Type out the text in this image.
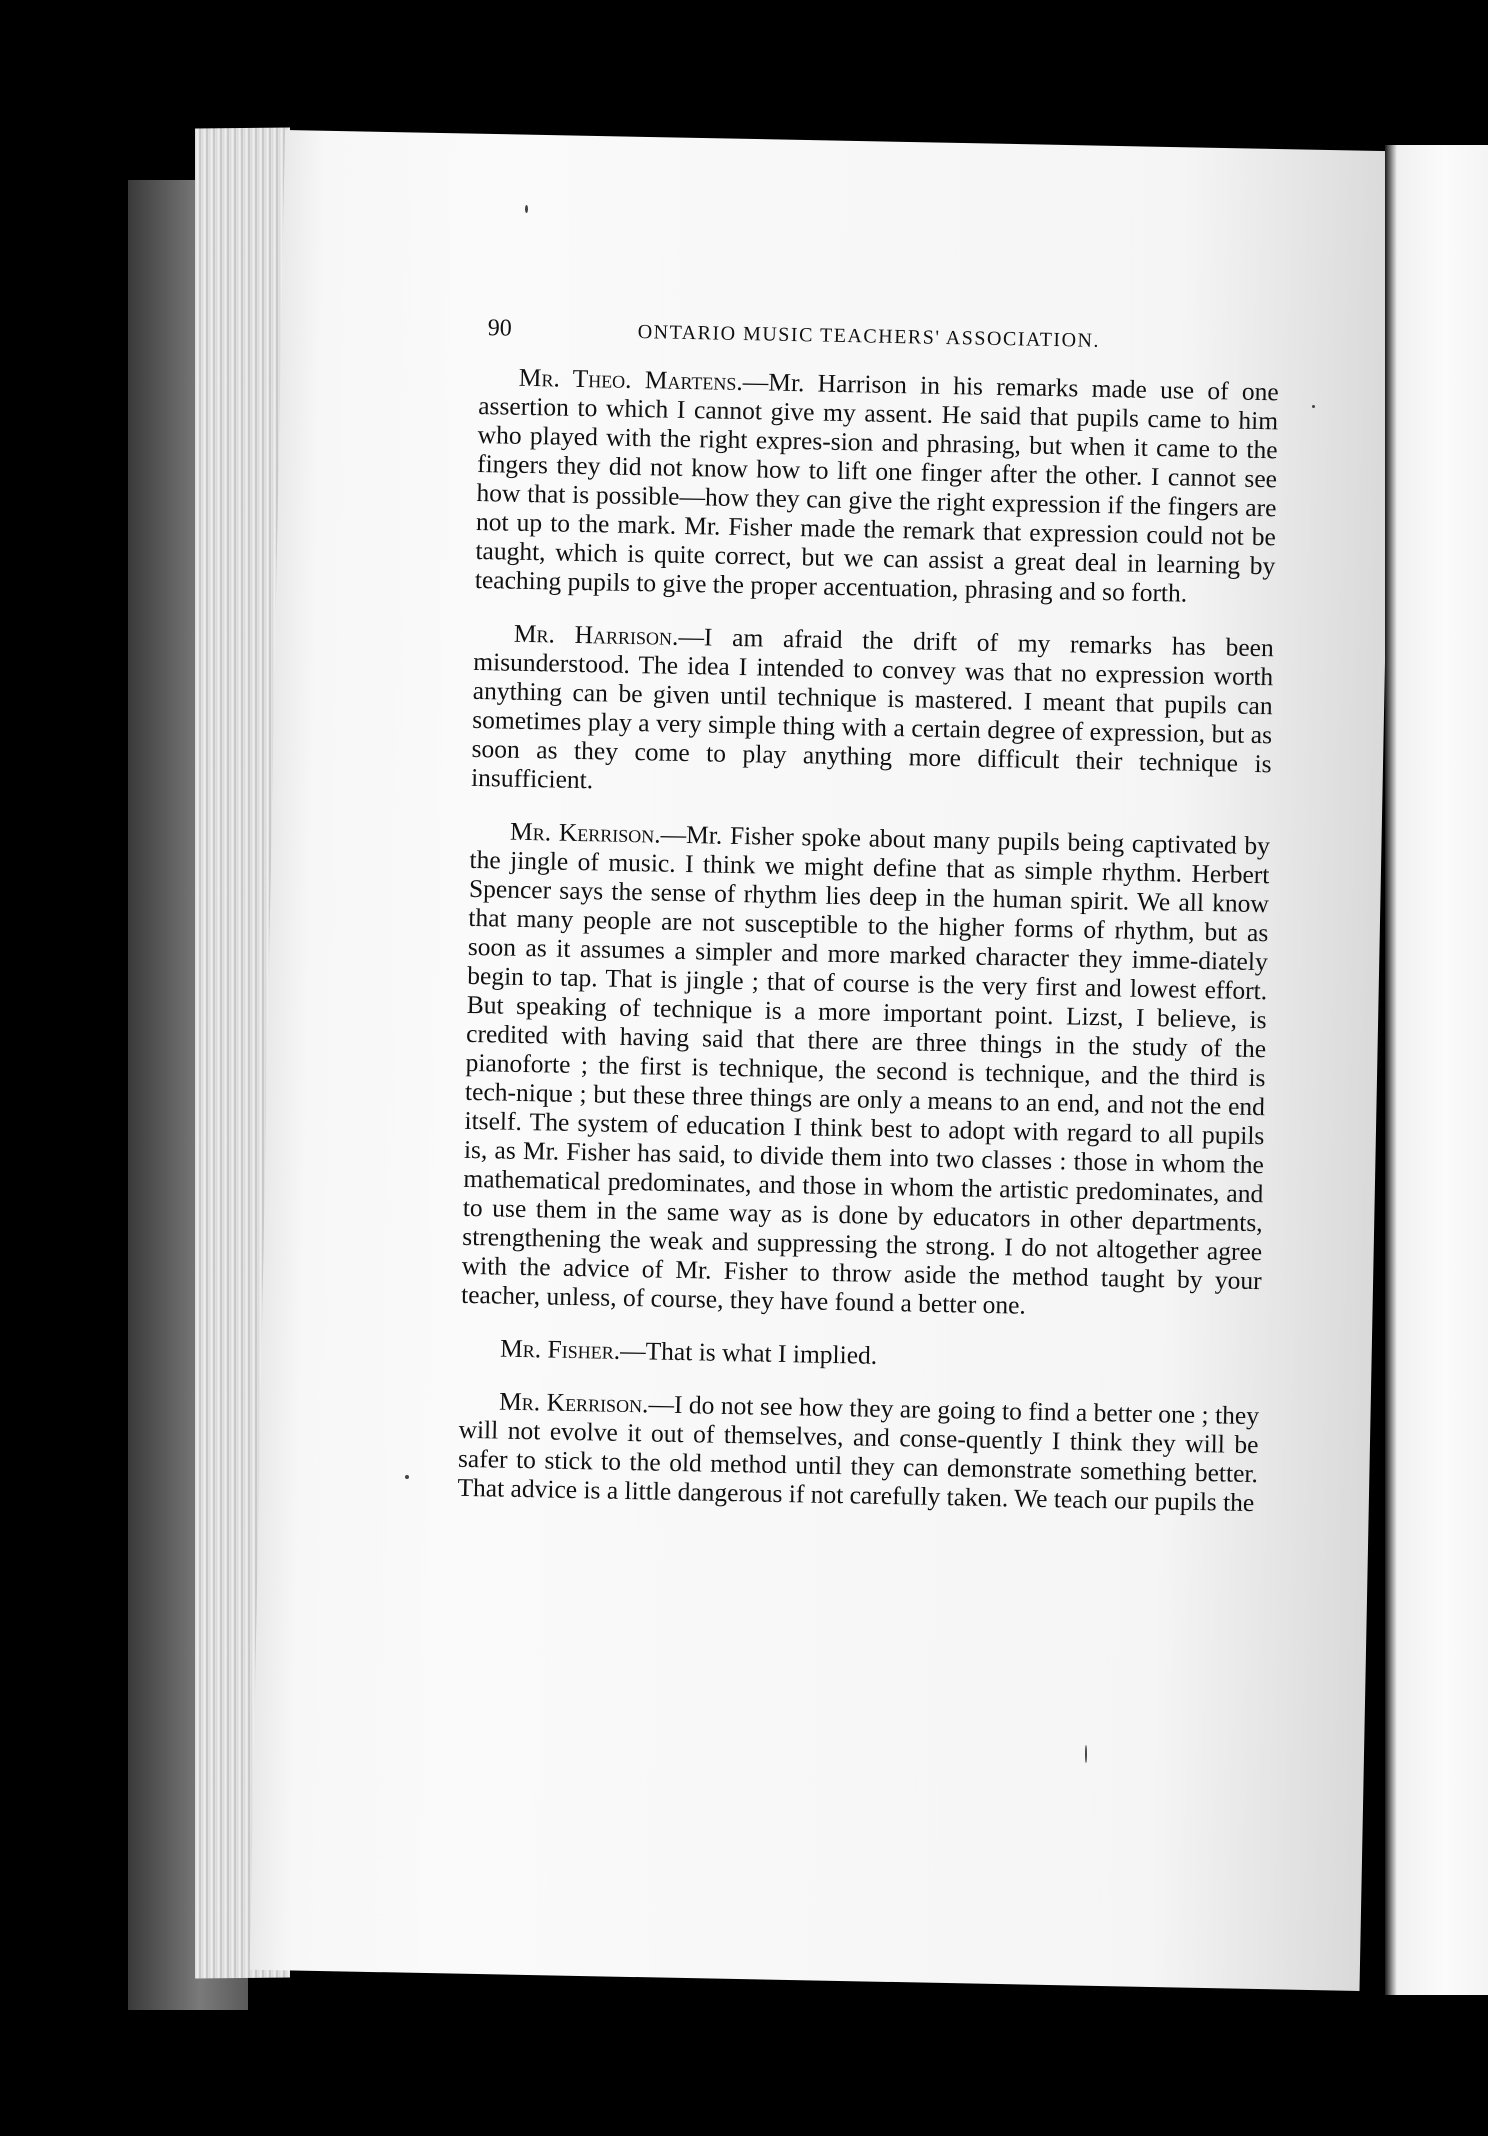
90	ONTARIO MUSIC TEACHERS' ASSOCIATION.

Mr. Theo. Martens.—Mr. Harrison in his remarks made use of one assertion to which I cannot give my assent. He said that pupils came to him who played with the right expres-sion and phrasing, but when it came to the fingers they did not know how to lift one finger after the other. I cannot see how that is possible—how they can give the right expression if the fingers are not up to the mark. Mr. Fisher made the remark that expression could not be taught, which is quite correct, but we can assist a great deal in learning by teaching pupils to give the proper accentuation, phrasing and so forth.

Mr. Harrison.—I am afraid the drift of my remarks has been misunderstood. The idea I intended to convey was that no expression worth anything can be given until technique is mastered. I meant that pupils can sometimes play a very simple thing with a certain degree of expression, but as soon as they come to play anything more difficult their technique is insufficient.

Mr. Kerrison.—Mr. Fisher spoke about many pupils being captivated by the jingle of music. I think we might define that as simple rhythm. Herbert Spencer says the sense of rhythm lies deep in the human spirit. We all know that many people are not susceptible to the higher forms of rhythm, but as soon as it assumes a simpler and more marked character they imme-diately begin to tap. That is jingle ; that of course is the very first and lowest effort. But speaking of technique is a more important point. Lizst, I believe, is credited with having said that there are three things in the study of the pianoforte ; the first is technique, the second is technique, and the third is tech-nique ; but these three things are only a means to an end, and not the end itself. The system of education I think best to adopt with regard to all pupils is, as Mr. Fisher has said, to divide them into two classes : those in whom the mathematical predominates, and those in whom the artistic predominates, and to use them in the same way as is done by educators in other departments, strengthening the weak and suppressing the strong. I do not altogether agree with the advice of Mr. Fisher to throw aside the method taught by your teacher, unless, of course, they have found a better one.

Mr. Fisher.—That is what I implied.

Mr. Kerrison.—I do not see how they are going to find a better one ; they will not evolve it out of themselves, and conse-quently I think they will be safer to stick to the old method until they can demonstrate something better. That advice is a little dangerous if not carefully taken. We teach our pupils the
